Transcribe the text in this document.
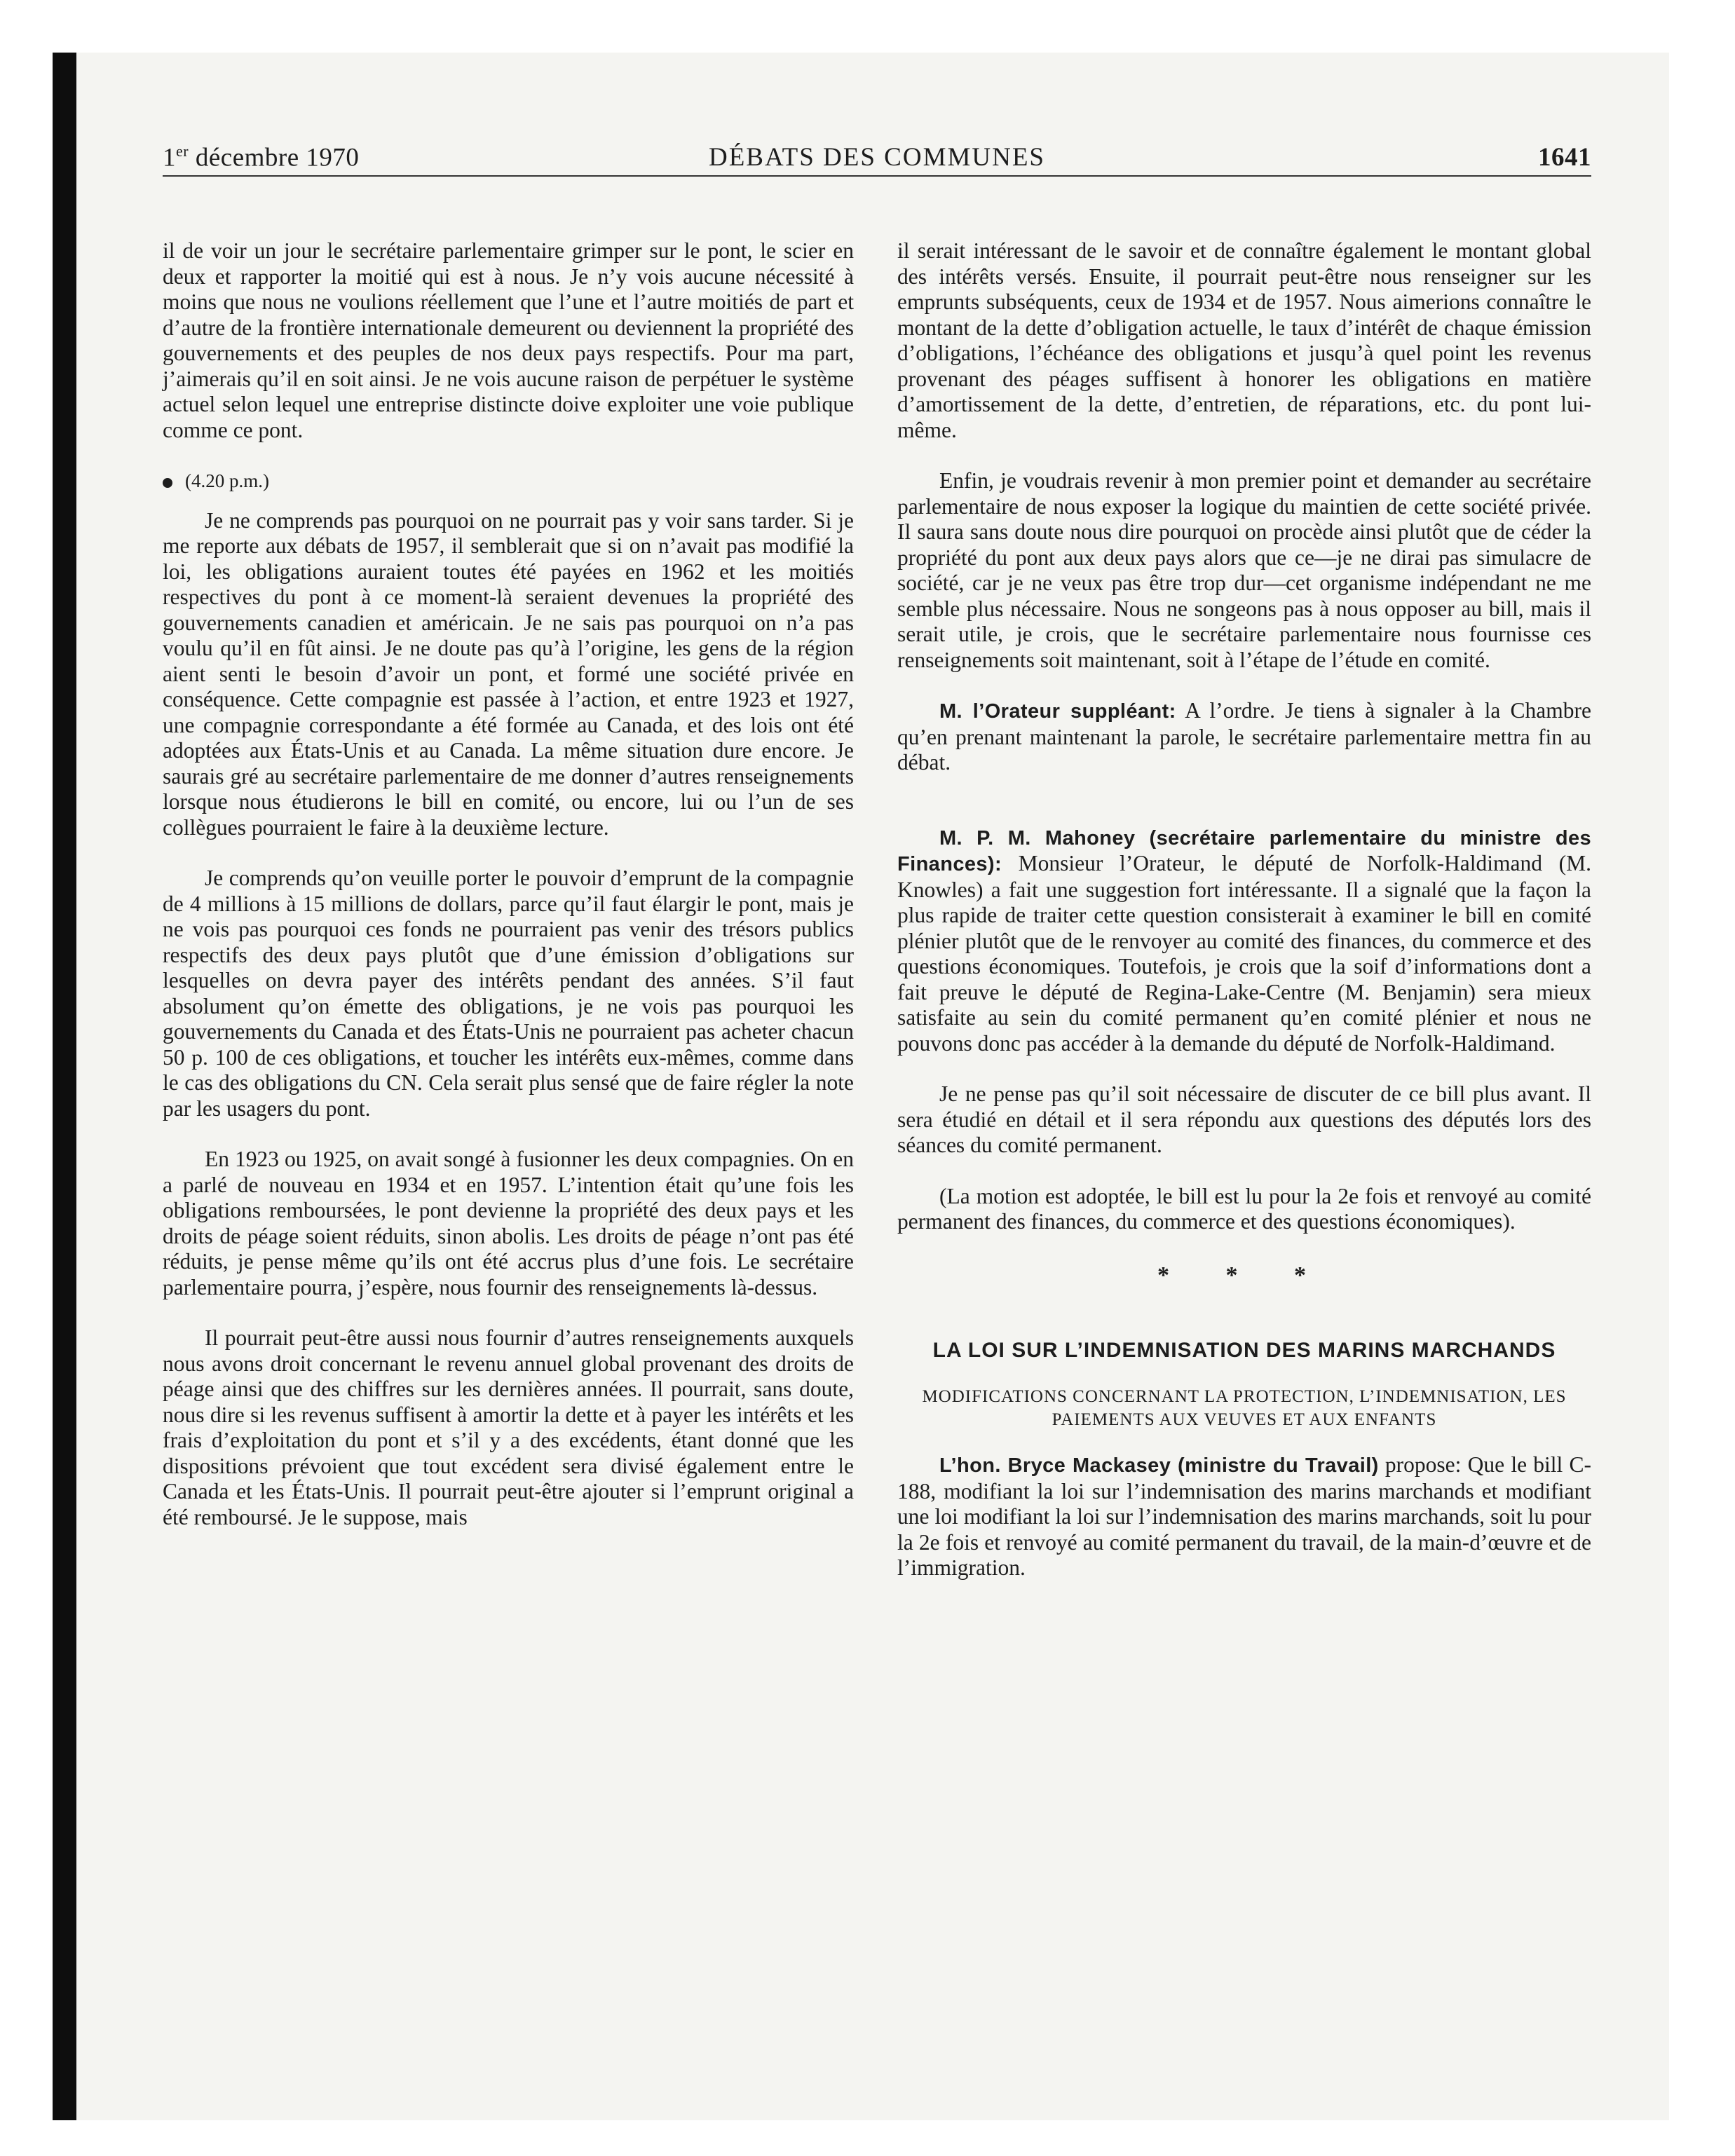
1er décembre 1970	DÉBATS DES COMMUNES	1641

il de voir un jour le secrétaire parlementaire grimper sur le pont, le scier en deux et rapporter la moitié qui est à nous. Je n’y vois aucune nécessité à moins que nous ne voulions réellement que l’une et l’autre moitiés de part et d’autre de la frontière internationale demeurent ou deviennent la propriété des gouvernements et des peuples de nos deux pays respectifs. Pour ma part, j’aimerais qu’il en soit ainsi. Je ne vois aucune raison de perpétuer le système actuel selon lequel une entreprise distincte doive exploiter une voie publique comme ce pont.

(4.20 p.m.)

Je ne comprends pas pourquoi on ne pourrait pas y voir sans tarder. Si je me reporte aux débats de 1957, il semblerait que si on n’avait pas modifié la loi, les obligations auraient toutes été payées en 1962 et les moitiés respectives du pont à ce moment-là seraient devenues la propriété des gouvernements canadien et américain. Je ne sais pas pourquoi on n’a pas voulu qu’il en fût ainsi. Je ne doute pas qu’à l’origine, les gens de la région aient senti le besoin d’avoir un pont, et formé une société privée en conséquence. Cette compagnie est passée à l’action, et entre 1923 et 1927, une compagnie correspondante a été formée au Canada, et des lois ont été adoptées aux États-Unis et au Canada. La même situation dure encore. Je saurais gré au secrétaire parlementaire de me donner d’autres renseignements lorsque nous étudierons le bill en comité, ou encore, lui ou l’un de ses collègues pourraient le faire à la deuxième lecture.

Je comprends qu’on veuille porter le pouvoir d’emprunt de la compagnie de 4 millions à 15 millions de dollars, parce qu’il faut élargir le pont, mais je ne vois pas pourquoi ces fonds ne pourraient pas venir des trésors publics respectifs des deux pays plutôt que d’une émission d’obligations sur lesquelles on devra payer des intérêts pendant des années. S’il faut absolument qu’on émette des obligations, je ne vois pas pourquoi les gouvernements du Canada et des États-Unis ne pourraient pas acheter chacun 50 p. 100 de ces obligations, et toucher les intérêts eux-mêmes, comme dans le cas des obligations du CN. Cela serait plus sensé que de faire régler la note par les usagers du pont.

En 1923 ou 1925, on avait songé à fusionner les deux compagnies. On en a parlé de nouveau en 1934 et en 1957. L’intention était qu’une fois les obligations remboursées, le pont devienne la propriété des deux pays et les droits de péage soient réduits, sinon abolis. Les droits de péage n’ont pas été réduits, je pense même qu’ils ont été accrus plus d’une fois. Le secrétaire parlementaire pourra, j’espère, nous fournir des renseignements là-dessus.

Il pourrait peut-être aussi nous fournir d’autres renseignements auxquels nous avons droit concernant le revenu annuel global provenant des droits de péage ainsi que des chiffres sur les dernières années. Il pourrait, sans doute, nous dire si les revenus suffisent à amortir la dette et à payer les intérêts et les frais d’exploitation du pont et s’il y a des excédents, étant donné que les dispositions prévoient que tout excédent sera divisé également entre le Canada et les États-Unis. Il pourrait peut-être ajouter si l’emprunt original a été remboursé. Je le suppose, mais

il serait intéressant de le savoir et de connaître également le montant global des intérêts versés. Ensuite, il pourrait peut-être nous renseigner sur les emprunts subséquents, ceux de 1934 et de 1957. Nous aimerions connaître le montant de la dette d’obligation actuelle, le taux d’intérêt de chaque émission d’obligations, l’échéance des obligations et jusqu’à quel point les revenus provenant des péages suffisent à honorer les obligations en matière d’amortissement de la dette, d’entretien, de réparations, etc. du pont lui-même.

Enfin, je voudrais revenir à mon premier point et demander au secrétaire parlementaire de nous exposer la logique du maintien de cette société privée. Il saura sans doute nous dire pourquoi on procède ainsi plutôt que de céder la propriété du pont aux deux pays alors que ce—je ne dirai pas simulacre de société, car je ne veux pas être trop dur—cet organisme indépendant ne me semble plus nécessaire. Nous ne songeons pas à nous opposer au bill, mais il serait utile, je crois, que le secrétaire parlementaire nous fournisse ces renseignements soit maintenant, soit à l’étape de l’étude en comité.

M. l’Orateur suppléant: A l’ordre. Je tiens à signaler à la Chambre qu’en prenant maintenant la parole, le secrétaire parlementaire mettra fin au débat.

M. P. M. Mahoney (secrétaire parlementaire du ministre des Finances): Monsieur l’Orateur, le député de Norfolk-Haldimand (M. Knowles) a fait une suggestion fort intéressante. Il a signalé que la façon la plus rapide de traiter cette question consisterait à examiner le bill en comité plénier plutôt que de le renvoyer au comité des finances, du commerce et des questions économiques. Toutefois, je crois que la soif d’informations dont a fait preuve le député de Regina-Lake-Centre (M. Benjamin) sera mieux satisfaite au sein du comité permanent qu’en comité plénier et nous ne pouvons donc pas accéder à la demande du député de Norfolk-Haldimand.

Je ne pense pas qu’il soit nécessaire de discuter de ce bill plus avant. Il sera étudié en détail et il sera répondu aux questions des députés lors des séances du comité permanent.

(La motion est adoptée, le bill est lu pour la 2e fois et renvoyé au comité permanent des finances, du commerce et des questions économiques).

* * *
LA LOI SUR L’INDEMNISATION DES MARINS MARCHANDS
MODIFICATIONS CONCERNANT LA PROTECTION, L’INDEMNISATION, LES PAIEMENTS AUX VEUVES ET AUX ENFANTS

L’hon. Bryce Mackasey (ministre du Travail) propose: Que le bill C-188, modifiant la loi sur l’indemnisation des marins marchands et modifiant une loi modifiant la loi sur l’indemnisation des marins marchands, soit lu pour la 2e fois et renvoyé au comité permanent du travail, de la main-d’œuvre et de l’immigration.
